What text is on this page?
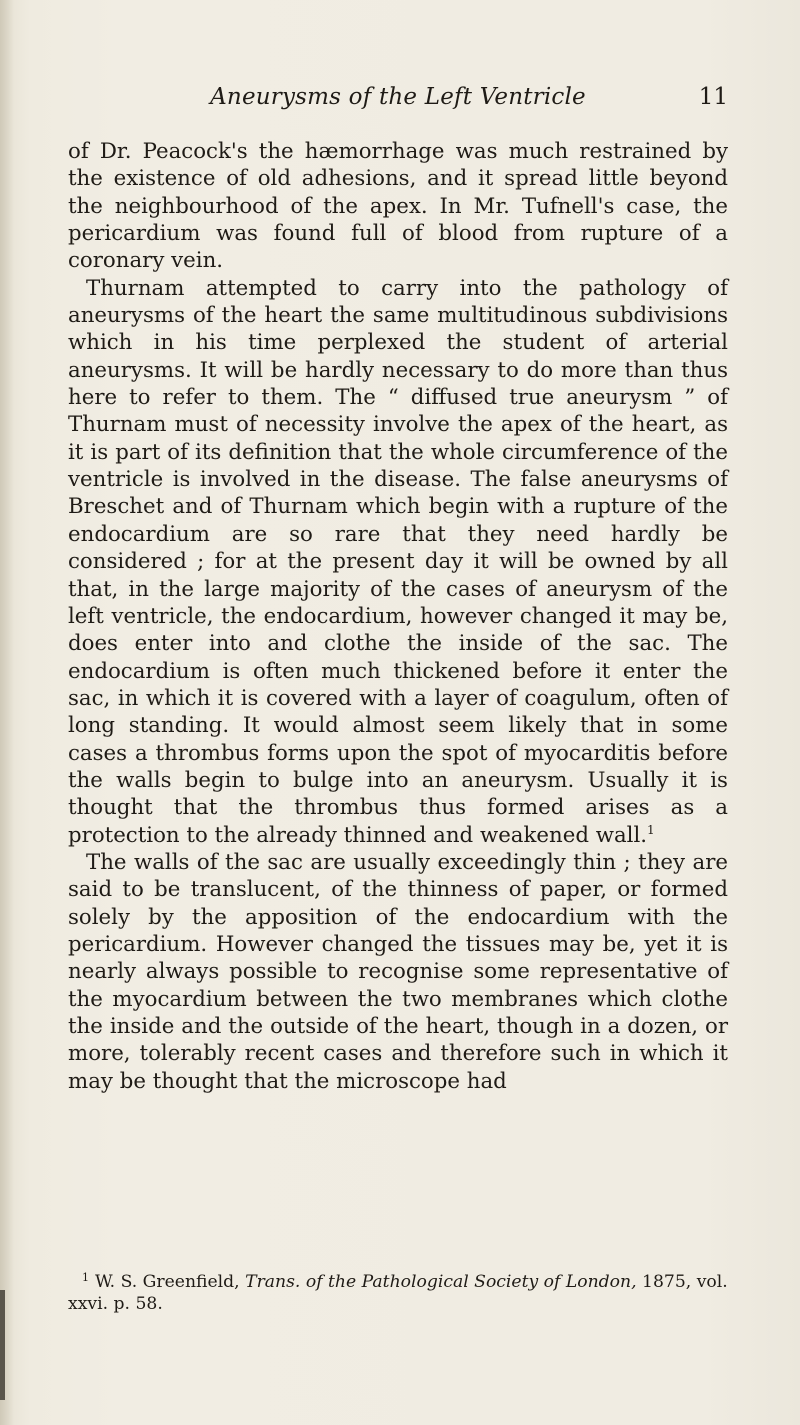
Aneurysms of the Left Ventricle	11

of Dr. Peacock's the hæmorrhage was much restrained by the existence of old adhesions, and it spread little beyond the neighbourhood of the apex. In Mr. Tufnell's case, the pericardium was found full of blood from rupture of a coronary vein.

Thurnam attempted to carry into the pathology of aneurysms of the heart the same multitudinous subdivisions which in his time perplexed the student of arterial aneurysms. It will be hardly necessary to do more than thus here to refer to them. The “ diffused true aneurysm ” of Thurnam must of necessity involve the apex of the heart, as it is part of its definition that the whole circumference of the ventricle is involved in the disease. The false aneurysms of Breschet and of Thurnam which begin with a rupture of the endocardium are so rare that they need hardly be considered ; for at the present day it will be owned by all that, in the large majority of the cases of aneurysm of the left ventricle, the endocardium, however changed it may be, does enter into and clothe the inside of the sac. The endocardium is often much thickened before it enter the sac, in which it is covered with a layer of coagulum, often of long standing. It would almost seem likely that in some cases a thrombus forms upon the spot of myocarditis before the walls begin to bulge into an aneurysm. Usually it is thought that the thrombus thus formed arises as a protection to the already thinned and weakened wall.$^1$

The walls of the sac are usually exceedingly thin ; they are said to be translucent, of the thinness of paper, or formed solely by the apposition of the endocardium with the pericardium. However changed the tissues may be, yet it is nearly always possible to recognise some representative of the myocardium between the two membranes which clothe the inside and the outside of the heart, though in a dozen, or more, tolerably recent cases and therefore such in which it may be thought that the microscope had

$^1$ W. S. Greenfield, Trans. of the Pathological Society of London, 1875, vol. xxvi. p. 58.
